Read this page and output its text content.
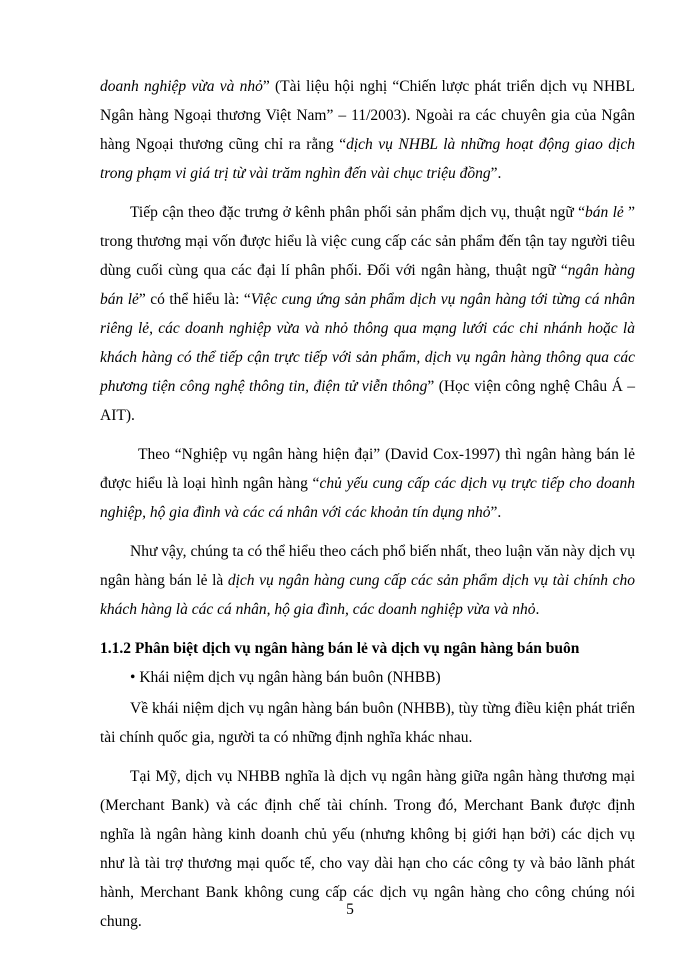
doanh nghiệp vừa và nhỏ” (Tài liệu hội nghị “Chiến lược phát triển dịch vụ NHBL Ngân hàng Ngoại thương Việt Nam” – 11/2003). Ngoài ra các chuyên gia của Ngân hàng Ngoại thương cũng chỉ ra rằng “dịch vụ NHBL là những hoạt động giao dịch trong phạm vi giá trị từ vài trăm nghìn đến vài chục triệu đồng”.

Tiếp cận theo đặc trưng ở kênh phân phối sản phẩm dịch vụ, thuật ngữ “bán lẻ ” trong thương mại vốn được hiểu là việc cung cấp các sản phẩm đến tận tay người tiêu dùng cuối cùng qua các đại lí phân phối. Đối với ngân hàng, thuật ngữ “ngân hàng bán lẻ” có thể hiểu là: “Việc cung ứng sản phẩm dịch vụ ngân hàng tới từng cá nhân riêng lẻ, các doanh nghiệp vừa và nhỏ thông qua mạng lưới các chi nhánh hoặc là khách hàng có thể tiếp cận trực tiếp với sản phẩm, dịch vụ ngân hàng thông qua các phương tiện công nghệ thông tin, điện tử viễn thông” (Học viện công nghệ Châu Á – AIT).

Theo “Nghiệp vụ ngân hàng hiện đại” (David Cox-1997) thì ngân hàng bán lẻ được hiểu là loại hình ngân hàng “chủ yếu cung cấp các dịch vụ trực tiếp cho doanh nghiệp, hộ gia đình và các cá nhân với các khoản tín dụng nhỏ”.

Như vậy, chúng ta có thể hiểu theo cách phổ biến nhất, theo luận văn này dịch vụ ngân hàng bán lẻ là dịch vụ ngân hàng cung cấp các sản phẩm dịch vụ tài chính cho khách hàng là các cá nhân, hộ gia đình, các doanh nghiệp vừa và nhỏ.

1.1.2 Phân biệt dịch vụ ngân hàng bán lẻ và dịch vụ ngân hàng bán buôn
• Khái niệm dịch vụ ngân hàng bán buôn (NHBB)

Về khái niệm dịch vụ ngân hàng bán buôn (NHBB), tùy từng điều kiện phát triển tài chính quốc gia, người ta có những định nghĩa khác nhau.

Tại Mỹ, dịch vụ NHBB nghĩa là dịch vụ ngân hàng giữa ngân hàng thương mại (Merchant Bank) và các định chế tài chính. Trong đó, Merchant Bank được định nghĩa là ngân hàng kinh doanh chủ yếu (nhưng không bị giới hạn bởi) các dịch vụ như là tài trợ thương mại quốc tế, cho vay dài hạn cho các công ty và bảo lãnh phát hành, Merchant Bank không cung cấp các dịch vụ ngân hàng cho công chúng nói chung.

5
